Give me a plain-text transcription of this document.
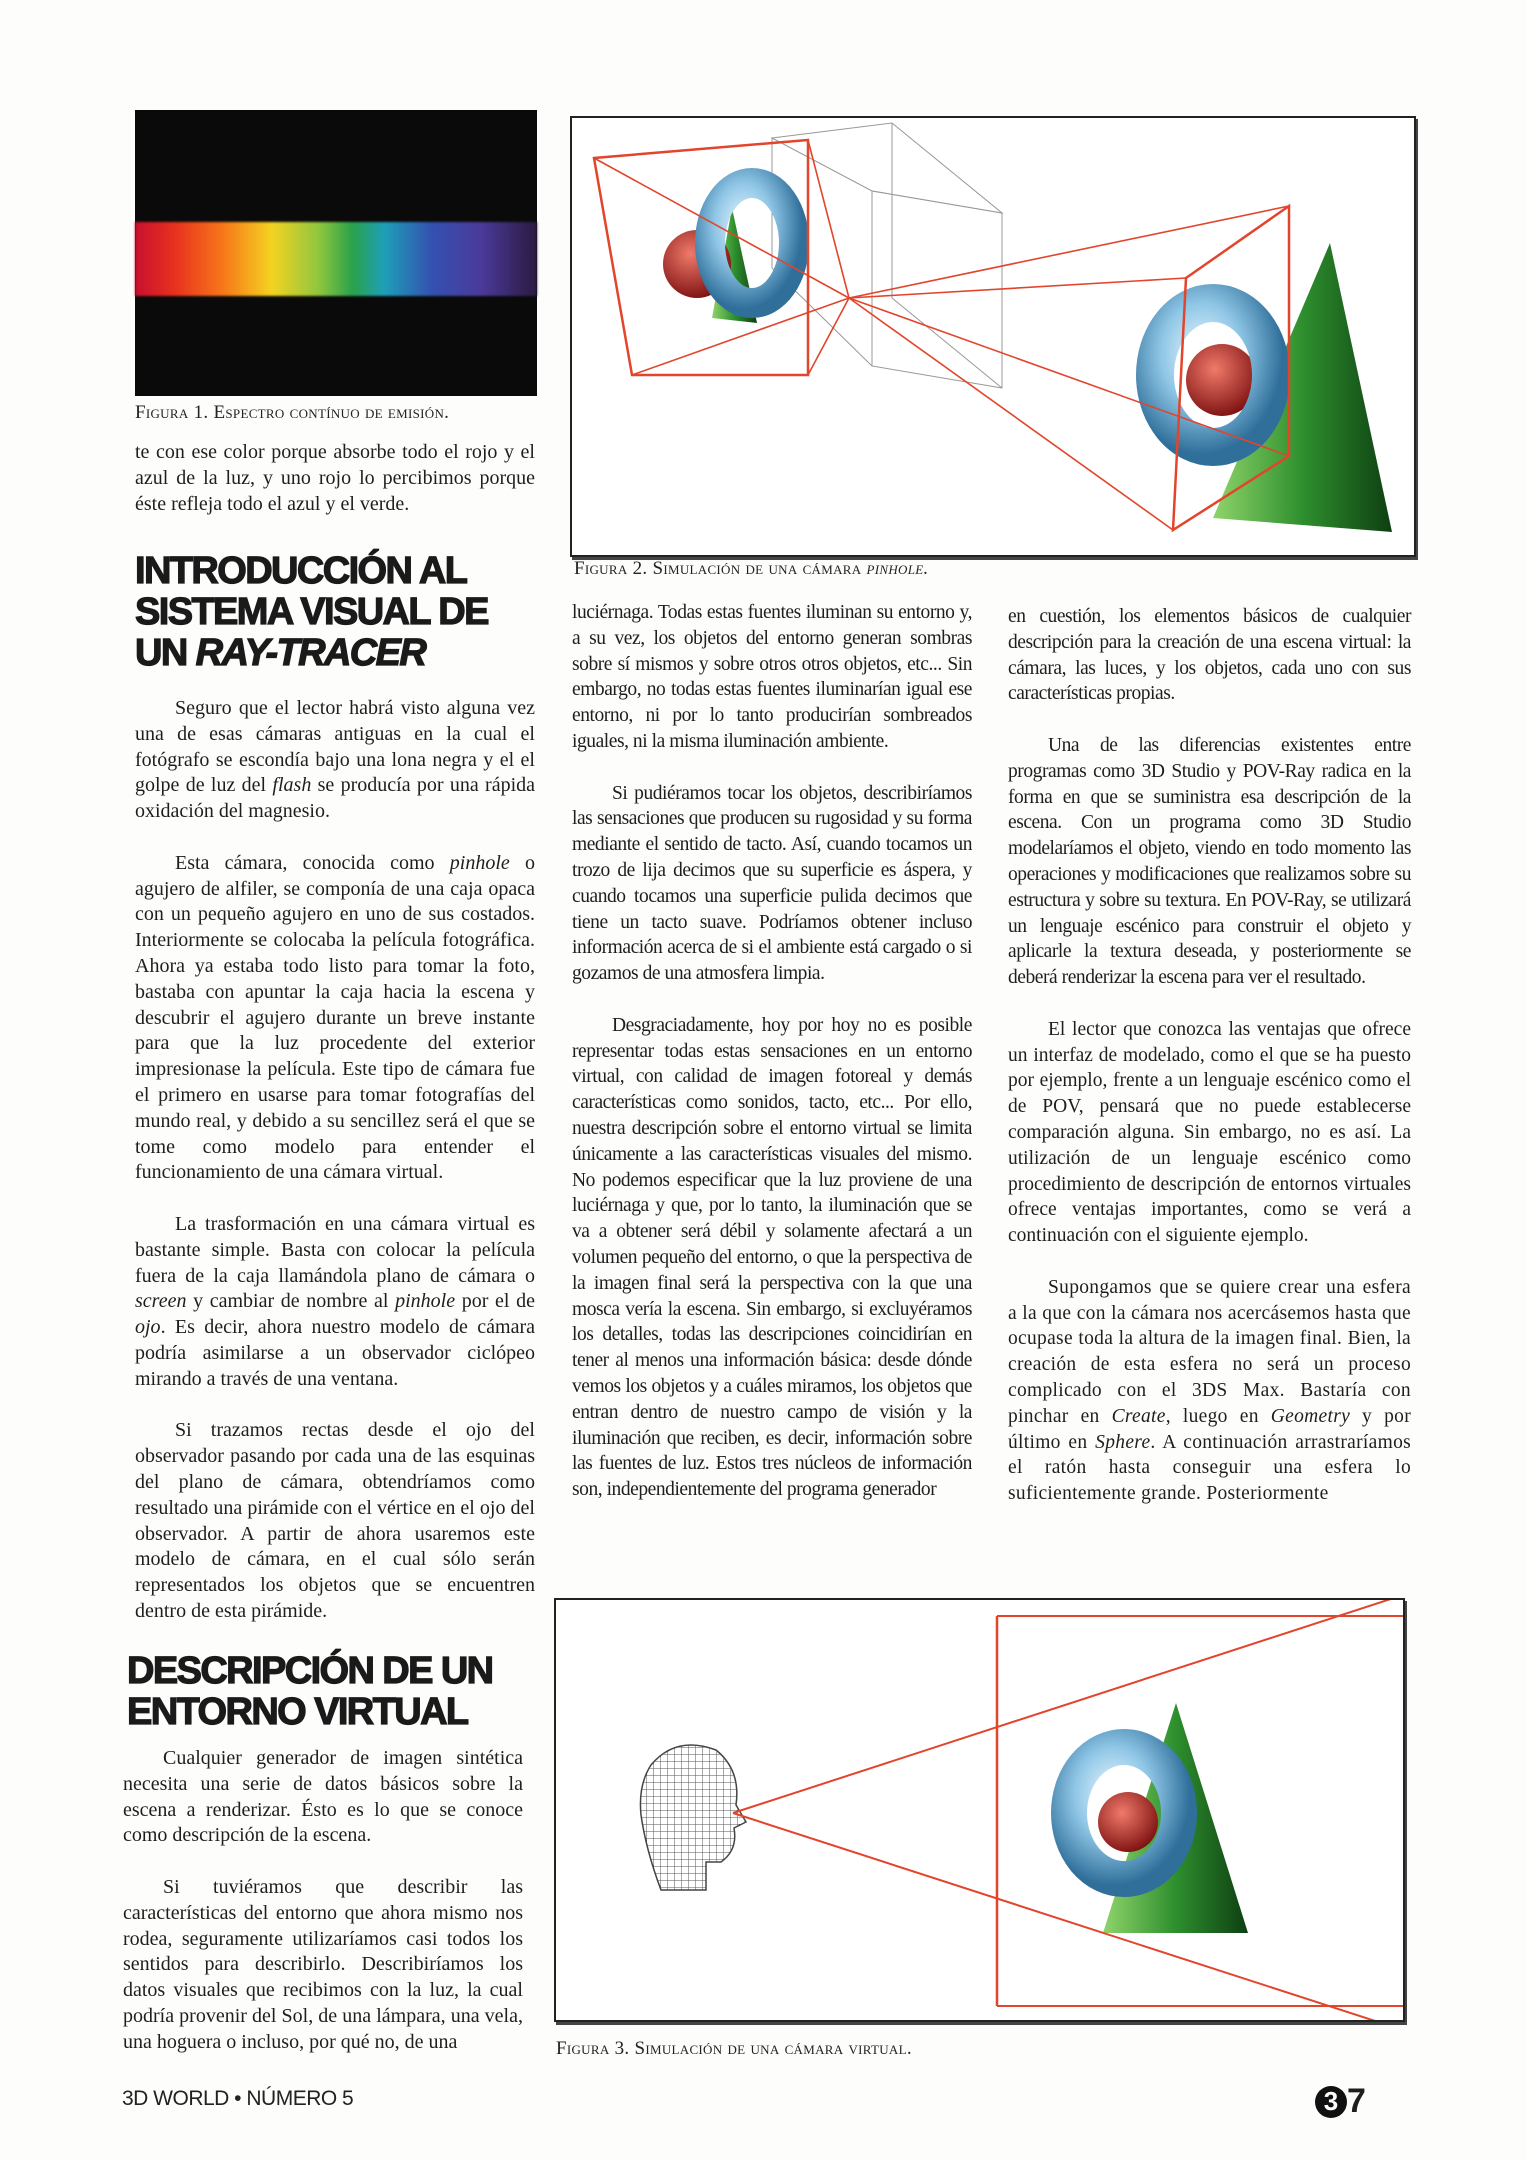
Figura 1. Espectro contínuo de emisión.
Figura 2. Simulación de una cámara pinhole.

te con ese color porque absorbe todo el rojo y el azul de la luz, y uno rojo lo percibimos porque éste refleja todo el azul y el verde.

INTRODUCCIÓN AL SISTEMA VISUAL DE UN RAY-TRACER

Seguro que el lector habrá visto alguna vez una de esas cámaras antiguas en la cual el fotógrafo se escondía bajo una lona negra y el el golpe de luz del flash se producía por una rápida oxidación del magnesio.

Esta cámara, conocida como pinhole o agujero de alfiler, se componía de una caja opaca con un pequeño agujero en uno de sus costados. Interiormente se colocaba la película fotográfica. Ahora ya estaba todo listo para tomar la foto, bastaba con apuntar la caja hacia la escena y descubrir el agujero durante un breve instante para que la luz procedente del exterior impresionase la película. Este tipo de cámara fue el primero en usarse para tomar fotografías del mundo real, y debido a su sencillez será el que se tome como modelo para entender el funcionamiento de una cámara virtual.

La trasformación en una cámara virtual es bastante simple. Basta con colocar la película fuera de la caja llamándola plano de cámara o screen y cambiar de nombre al pinhole por el de ojo. Es decir, ahora nuestro modelo de cámara podría asimilarse a un observador ciclópeo mirando a través de una ventana.

Si trazamos rectas desde el ojo del observador pasando por cada una de las esquinas del plano de cámara, obtendríamos como resultado una pirámide con el vértice en el ojo del observador. A partir de ahora usaremos este modelo de cámara, en el cual sólo serán representados los objetos que se encuentren dentro de esta pirámide.

DESCRIPCIÓN DE UN ENTORNO VIRTUAL

Cualquier generador de imagen sintética necesita una serie de datos básicos sobre la escena a renderizar. Ésto es lo que se conoce como descripción de la escena.

Si tuviéramos que describir las características del entorno que ahora mismo nos rodea, seguramente utilizaríamos casi todos los sentidos para describirlo. Describiríamos los datos visuales que recibimos con la luz, la cual podría provenir del Sol, de una lámpara, una vela, una hoguera o incluso, por qué no, de una

luciérnaga. Todas estas fuentes iluminan su entorno y, a su vez, los objetos del entorno generan sombras sobre sí mismos y sobre otros otros objetos, etc... Sin embargo, no todas estas fuentes iluminarían igual ese entorno, ni por lo tanto producirían sombreados iguales, ni la misma iluminación ambiente.

Si pudiéramos tocar los objetos, describiríamos las sensaciones que producen su rugosidad y su forma mediante el sentido de tacto. Así, cuando tocamos un trozo de lija decimos que su superficie es áspera, y cuando tocamos una superficie pulida decimos que tiene un tacto suave. Podríamos obtener incluso información acerca de si el ambiente está cargado o si gozamos de una atmosfera limpia.

Desgraciadamente, hoy por hoy no es posible representar todas estas sensaciones en un entorno virtual, con calidad de imagen fotoreal y demás características como sonidos, tacto, etc... Por ello, nuestra descripción sobre el entorno virtual se limita únicamente a las características visuales del mismo. No podemos especificar que la luz proviene de una luciérnaga y que, por lo tanto, la iluminación que se va a obtener será débil y solamente afectará a un volumen pequeño del entorno, o que la perspectiva de la imagen final será la perspectiva con la que una mosca vería la escena. Sin embargo, si excluyéramos los detalles, todas las descripciones coincidirían en tener al menos una información básica: desde dónde vemos los objetos y a cuáles miramos, los objetos que entran dentro de nuestro campo de visión y la iluminación que reciben, es decir, información sobre las fuentes de luz. Estos tres núcleos de información son, independientemente del programa generador

en cuestión, los elementos básicos de cualquier descripción para la creación de una escena virtual: la cámara, las luces, y los objetos, cada uno con sus características propias.

Una de las diferencias existentes entre programas como 3D Studio y POV-Ray radica en la forma en que se suministra esa descripción de la escena. Con un programa como 3D Studio modelaríamos el objeto, viendo en todo momento las operaciones y modificaciones que realizamos sobre su estructura y sobre su textura. En POV-Ray, se utilizará un lenguaje escénico para construir el objeto y aplicarle la textura deseada, y posteriormente se deberá renderizar la escena para ver el resultado.

El lector que conozca las ventajas que ofrece un interfaz de modelado, como el que se ha puesto por ejemplo, frente a un lenguaje escénico como el de POV, pensará que no puede establecerse comparación alguna. Sin embargo, no es así. La utilización de un lenguaje escénico como procedimiento de descripción de entornos virtuales ofrece ventajas importantes, como se verá a continuación con el siguiente ejemplo.

Supongamos que se quiere crear una esfera a la que con la cámara nos acercásemos hasta que ocupase toda la altura de la imagen final. Bien, la creación de esta esfera no será un proceso complicado con el 3DS Max. Bastaría con pinchar en Create, luego en Geometry y por último en Sphere. A continuación arrastraríamos el ratón hasta conseguir una esfera lo suficientemente grande. Posteriormente

Figura 3. Simulación de una cámara virtual.
3D WORLD • NÚMERO 5	3 7
